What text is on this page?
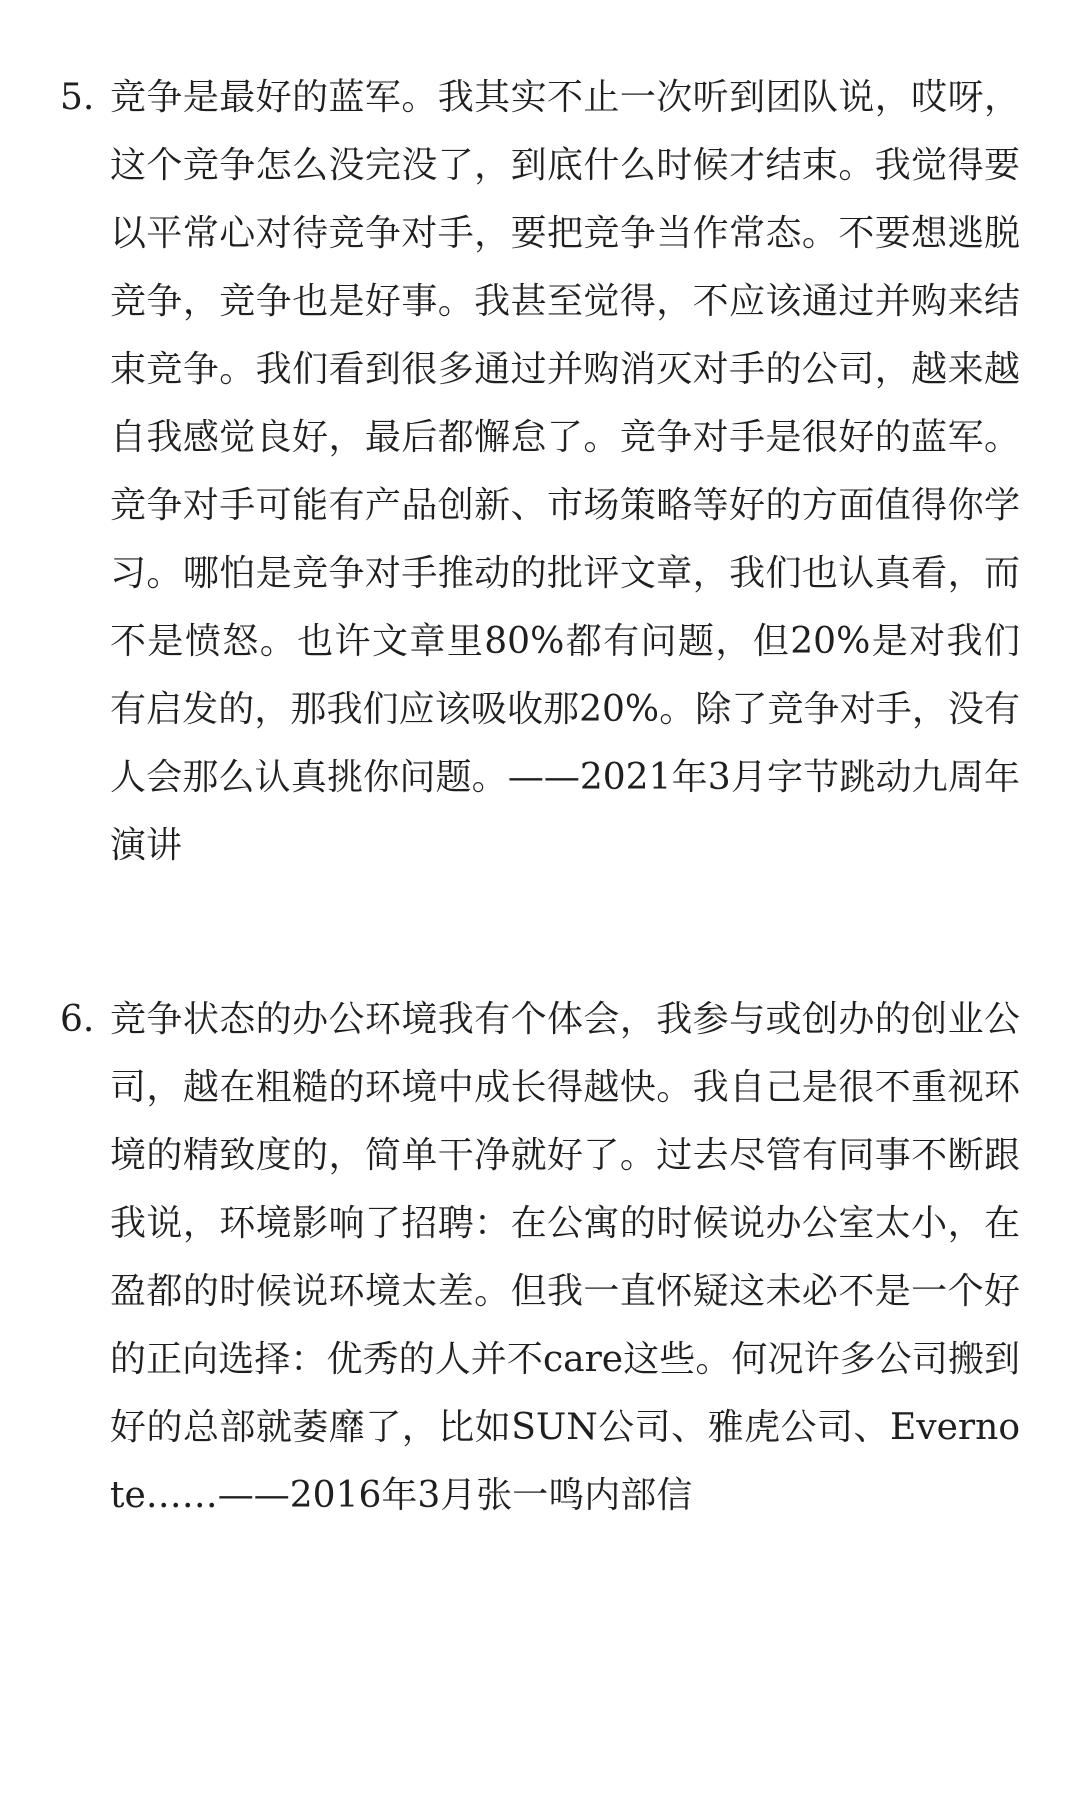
5. 竞争是最好的蓝军。我其实不止一次听到团队说，哎呀，这个竞争怎么没完没了，到底什么时候才结束。我觉得要以平常心对待竞争对手，要把竞争当作常态。不要想逃脱竞争，竞争也是好事。我甚至觉得，不应该通过并购来结束竞争。我们看到很多通过并购消灭对手的公司，越来越自我感觉良好，最后都懈怠了。竞争对手是很好的蓝军。竞争对手可能有产品创新、市场策略等好的方面值得你学习。哪怕是竞争对手推动的批评文章，我们也认真看，而不是愤怒。也许文章里80%都有问题，但20%是对我们有启发的，那我们应该吸收那20%。除了竞争对手，没有人会那么认真挑你问题。——2021年3月字节跳动九周年演讲
6. 竞争状态的办公环境我有个体会，我参与或创办的创业公司，越在粗糙的环境中成长得越快。我自己是很不重视环境的精致度的，简单干净就好了。过去尽管有同事不断跟我说，环境影响了招聘：在公寓的时候说办公室太小，在盈都的时候说环境太差。但我一直怀疑这未必不是一个好的正向选择：优秀的人并不care这些。何况许多公司搬到好的总部就萎靡了，比如SUN公司、雅虎公司、Evernote……——2016年3月张一鸣内部信
